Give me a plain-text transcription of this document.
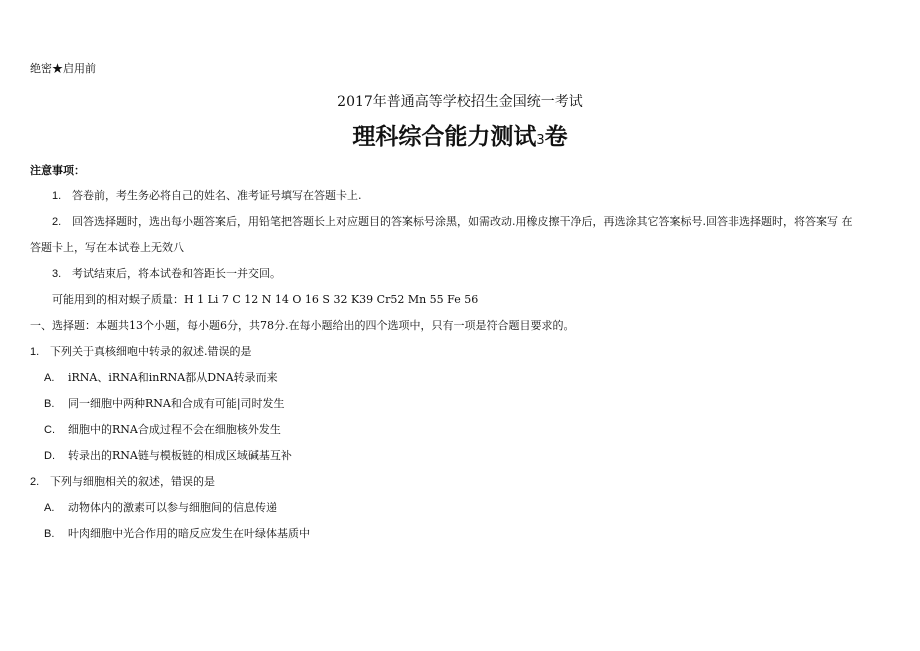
绝密★启用前
2017年普通高等学校招生金国统一考试
理科综合能力测试3卷
注意事项：
1. 答卷前，考生务必将自己的姓名、准考证号填写在答题卡上.
2. 回答选择题时，选出每小题答案后，用铅笔把答题长上对应题目的答案标号涂黑，如需改动.用橡皮擦干净后，再选涂其它答案标号.回答非选择题时，将答案写 在
答题卡上，写在本试卷上无效八
3. 考试结束后，将本试卷和答距长一并交回。
可能用到的相对蜈子质量：H 1 Li 7 C 12 N 14 O 16 S 32 K39 Cr52 Mn 55 Fe 56
一、选择题：本题共13个小题，每小题6分，共78分.在每小题给出的四个选项中，只有一项是符合题目要求的。
1. 下列关于真核细咆中转录的叙述.错误的是
A. iRNA、iRNA和inRNA都从DNA转录而来
B. 同一细胞中两种RNA和合成有可能|司时发生
C. 细胞中的RNA合成过程不会在细胞核外发生
D. 转录出的RNA链与模板链的相成区域碱基互补
2. 下列与细胞相关的叙述，错误的是
A. 动物体内的激素可以参与细胞间的信息传递
B. 叶肉细胞中光合作用的暗反应发生在叶绿体基质中
